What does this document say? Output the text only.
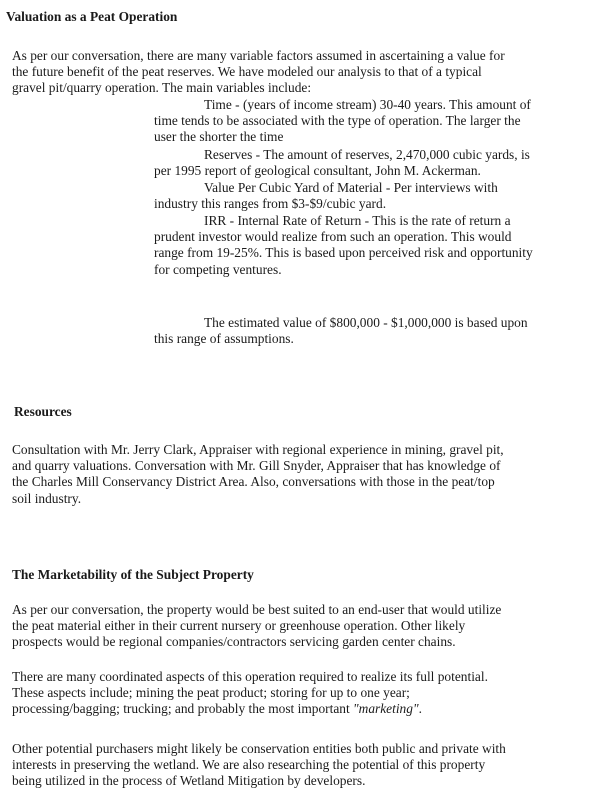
Valuation as a Peat Operation
As per our conversation, there are many variable factors assumed in ascertaining a value for
the future benefit of the peat reserves. We have modeled our analysis to that of a typical
gravel pit/quarry operation. The main variables include:
Time - (years of income stream) 30-40 years. This amount of
time tends to be associated with the type of operation. The larger the
user the shorter the time
Reserves - The amount of reserves, 2,470,000 cubic yards, is
per 1995 report of geological consultant, John M. Ackerman.
Value Per Cubic Yard of Material - Per interviews with
industry this ranges from $3-$9/cubic yard.
IRR - Internal Rate of Return - This is the rate of return a
prudent investor would realize from such an operation. This would
range from 19-25%. This is based upon perceived risk and opportunity
for competing ventures.
The estimated value of $800,000 - $1,000,000 is based upon
this range of assumptions.
Resources
Consultation with Mr. Jerry Clark, Appraiser with regional experience in mining, gravel pit,
and quarry valuations. Conversation with Mr. Gill Snyder, Appraiser that has knowledge of
the Charles Mill Conservancy District Area. Also, conversations with those in the peat/top
soil industry.
The Marketability of the Subject Property
As per our conversation, the property would be best suited to an end-user that would utilize
the peat material either in their current nursery or greenhouse operation. Other likely
prospects would be regional companies/contractors servicing garden center chains.
There are many coordinated aspects of this operation required to realize its full potential.
These aspects include; mining the peat product; storing for up to one year;
processing/bagging; trucking; and probably the most important "marketing".
Other potential purchasers might likely be conservation entities both public and private with
interests in preserving the wetland. We are also researching the potential of this property
being utilized in the process of Wetland Mitigation by developers.
